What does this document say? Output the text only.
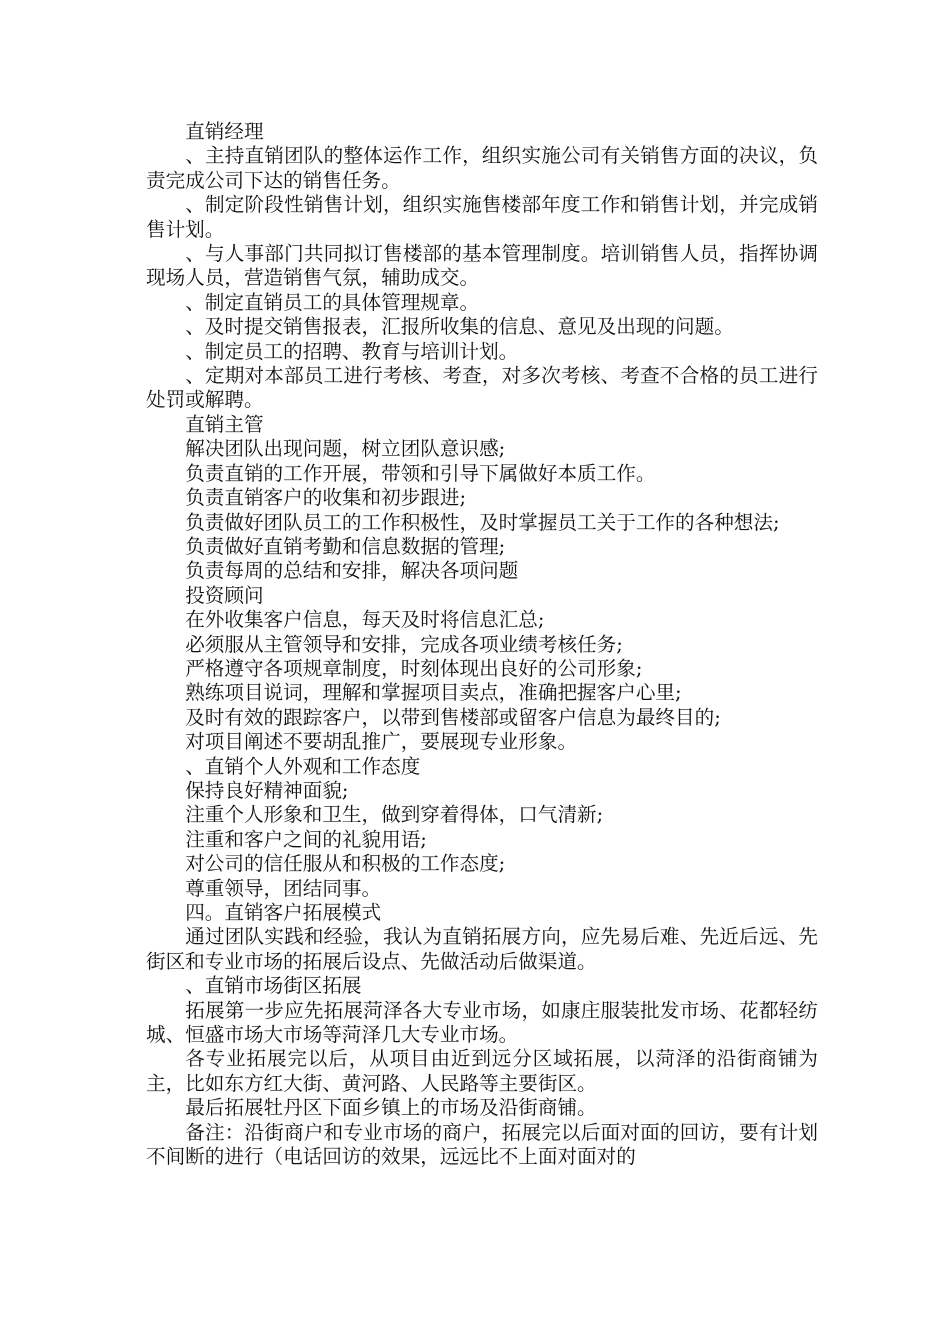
直销经理

、主持直销团队的整体运作工作，组织实施公司有关销售方面的决议，负责完成公司下达的销售任务。

、制定阶段性销售计划，组织实施售楼部年度工作和销售计划，并完成销售计划。

、与人事部门共同拟订售楼部的基本管理制度。培训销售人员，指挥协调现场人员，营造销售气氛，辅助成交。

、制定直销员工的具体管理规章。

、及时提交销售报表，汇报所收集的信息、意见及出现的问题。

、制定员工的招聘、教育与培训计划。

、定期对本部员工进行考核、考查，对多次考核、考查不合格的员工进行处罚或解聘。

直销主管

解决团队出现问题，树立团队意识感;

负责直销的工作开展，带领和引导下属做好本质工作。

负责直销客户的收集和初步跟进;

负责做好团队员工的工作积极性，及时掌握员工关于工作的各种想法;

负责做好直销考勤和信息数据的管理;

负责每周的总结和安排，解决各项问题

投资顾问

在外收集客户信息，每天及时将信息汇总;

必须服从主管领导和安排，完成各项业绩考核任务;

严格遵守各项规章制度，时刻体现出良好的公司形象;

熟练项目说词，理解和掌握项目卖点，准确把握客户心里;

及时有效的跟踪客户，以带到售楼部或留客户信息为最终目的;

对项目阐述不要胡乱推广，要展现专业形象。

、直销个人外观和工作态度

保持良好精神面貌;

注重个人形象和卫生，做到穿着得体，口气清新;

注重和客户之间的礼貌用语;

对公司的信任服从和积极的工作态度;

尊重领导，团结同事。

四。直销客户拓展模式

通过团队实践和经验，我认为直销拓展方向，应先易后难、先近后远、先街区和专业市场的拓展后设点、先做活动后做渠道。

、直销市场街区拓展

拓展第一步应先拓展菏泽各大专业市场，如康庄服装批发市场、花都轻纺城、恒盛市场大市场等菏泽几大专业市场。

各专业拓展完以后，从项目由近到远分区域拓展，以菏泽的沿街商铺为主，比如东方红大街、黄河路、人民路等主要街区。

最后拓展牡丹区下面乡镇上的市场及沿街商铺。

备注：沿街商户和专业市场的商户，拓展完以后面对面的回访，要有计划不间断的进行（电话回访的效果，远远比不上面对面对的
